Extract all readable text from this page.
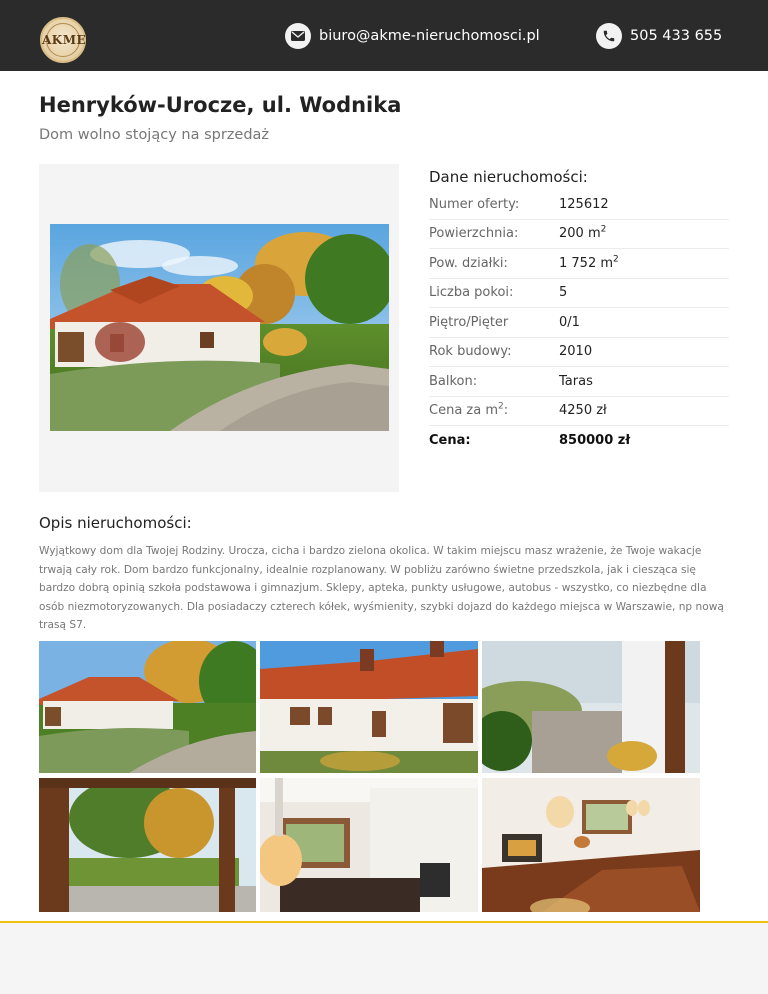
AKME	biuro@akme-nieruchomosci.pl	505 433 655
Henryków-Urocze, ul. Wodnika
Dom wolno stojący na sprzedaż
Dane nieruchomości:
Numer oferty:	125612
Powierzchnia:	200 $m^2$
Pow. działki:	1 752 $m^2$
Liczba pokoi:	5
Piętro/Pięter	0/1
Rok budowy:	2010
Balkon:	Taras
Cena za $m^2$:	4250 zł
Cena:	850000 zł
Opis nieruchomości:

Wyjątkowy dom dla Twojej Rodziny. Urocza, cicha i bardzo zielona okolica. W takim miejscu masz wrażenie, że Twoje wakacje trwają cały rok. Dom bardzo funkcjonalny, idealnie rozplanowany. W pobliżu zarówno świetne przedszkola, jak i ciesząca się bardzo dobrą opinią szkoła podstawowa i gimnazjum. Sklepy, apteka, punkty usługowe, autobus - wszystko, co niezbędne dla osób niezmotoryzowanych. Dla posiadaczy czterech kółek, wyśmienity, szybki dojazd do każdego miejsca w Warszawie, np nową trasą S7.
